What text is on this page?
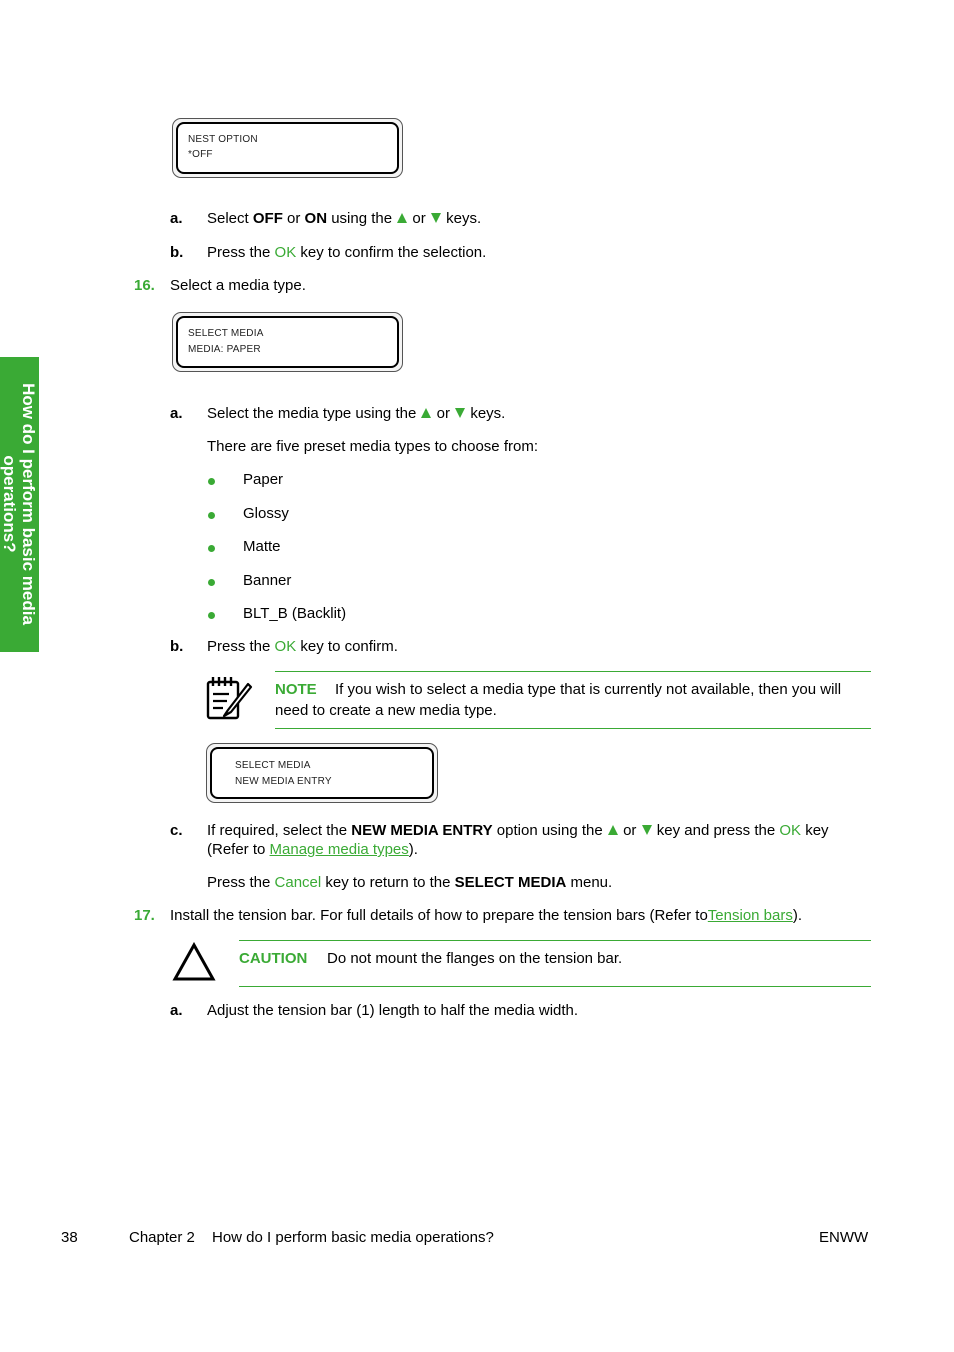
How do I perform basic media operations?
NEST OPTION
*OFF
a. Select OFF or ON using the  or  keys.
b. Press the OK key to confirm the selection.
16. Select a media type.
SELECT MEDIA
MEDIA: PAPER
a. Select the media type using the  or  keys.
There are five preset media types to choose from:
Paper
Glossy
Matte
Banner
BLT_B (Backlit)
b. Press the OK key to confirm.
NOTE If you wish to select a media type that is currently not available, then you will
need to create a new media type.
SELECT MEDIA
NEW MEDIA ENTRY
c. If required, select the NEW MEDIA ENTRY option using the  or  key and press the OK key
(Refer to Manage media types).
Press the Cancel key to return to the SELECT MEDIA menu.
17. Install the tension bar. For full details of how to prepare the tension bars (Refer toTension bars).
CAUTION Do not mount the flanges on the tension bar.
a. Adjust the tension bar (1) length to half the media width.
38	Chapter 2 How do I perform basic media operations?	ENWW
